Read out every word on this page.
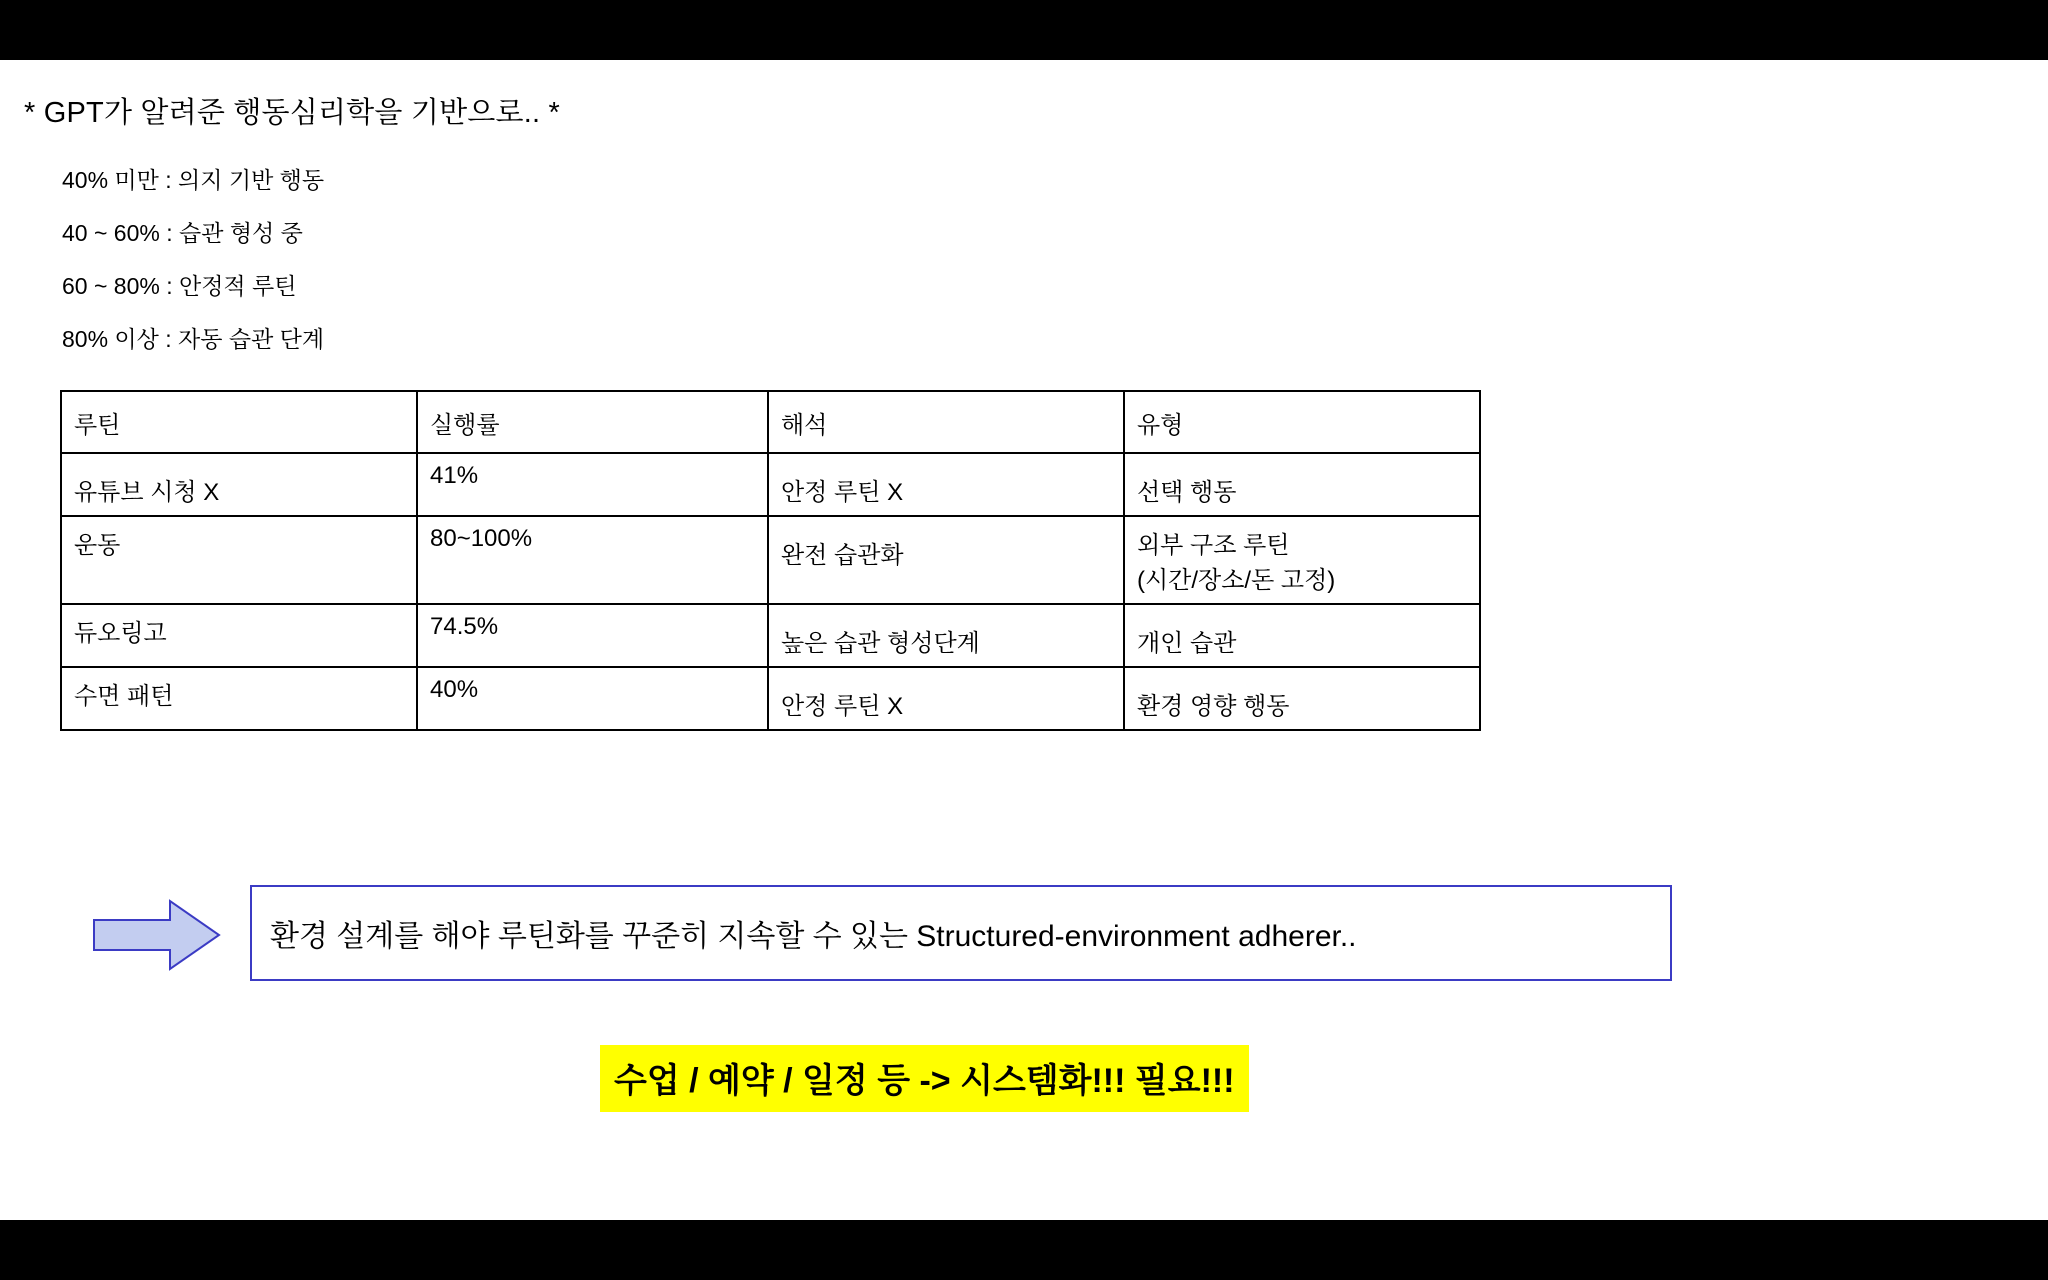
* GPT가 알려준 행동심리학을 기반으로.. *
40% 미만 : 의지 기반 행동
40 ~ 60% : 습관 형성 중
60 ~ 80% : 안정적 루틴
80% 이상 : 자동 습관 단계
루틴	실행률	해석	유형

유튜브 시청 X	41%	안정 루틴 X	선택 행동

운동	80~100%	완전 습관화	외부 구조 루틴
(시간/장소/돈 고정)

듀오링고	74.5%	높은 습관 형성단계	개인 습관

수면 패턴	40%	안정 루틴 X	환경 영향 행동
환경 설계를 해야 루틴화를 꾸준히 지속할 수 있는 Structured-environment adherer..
수업 / 예약 / 일정 등 -> 시스템화!!! 필요!!!
